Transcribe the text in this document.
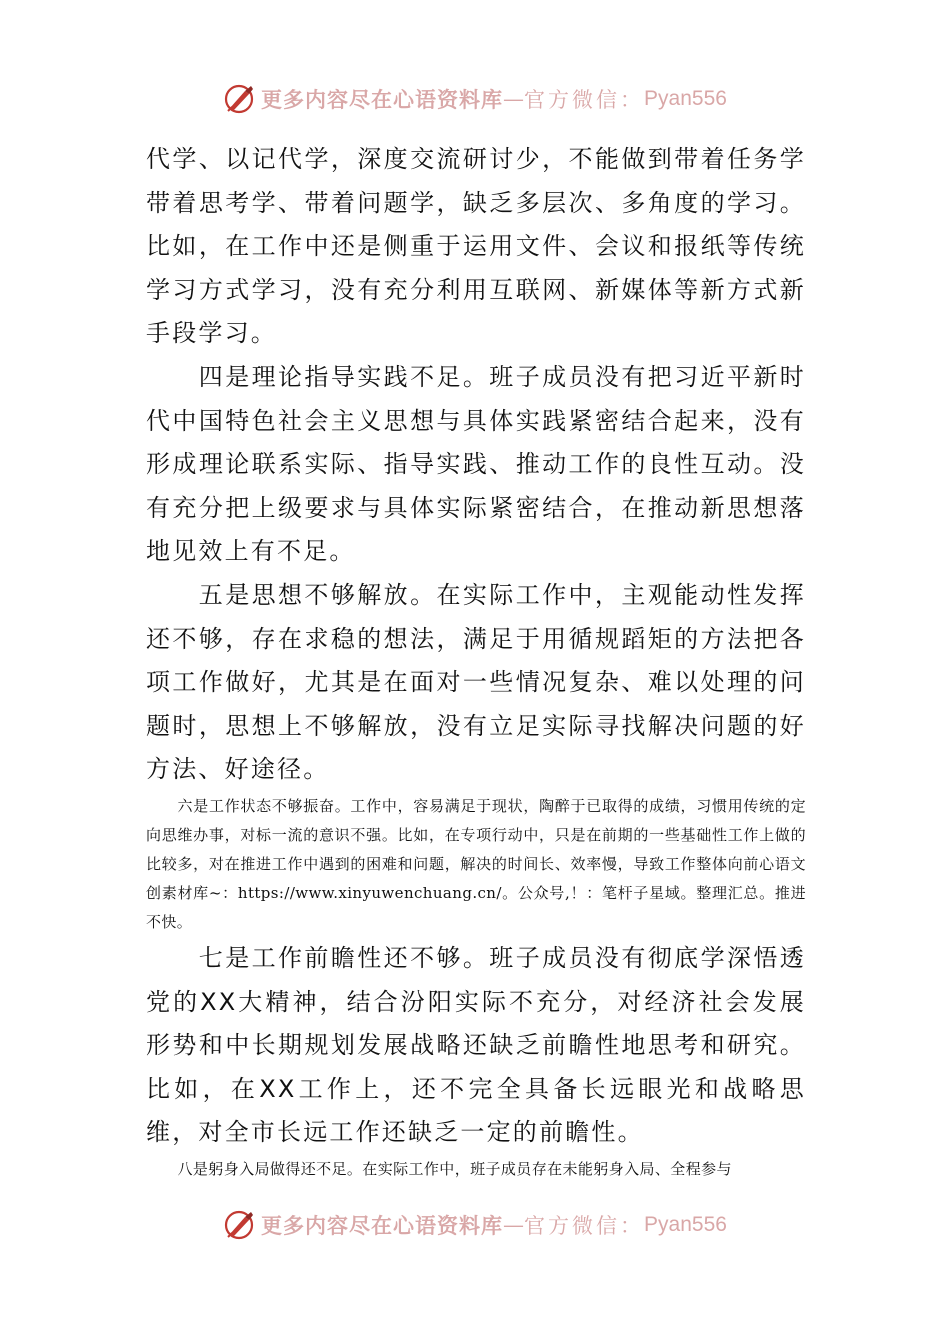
更多内容尽在心语资料库 — 官方微信： Pyan556

代学、以记代学，深度交流研讨少，不能做到带着任务学带着思考学、带着问题学，缺乏多层次、多角度的学习。比如，在工作中还是侧重于运用文件、会议和报纸等传统学习方式学习，没有充分利用互联网、新媒体等新方式新手段学习。

四是理论指导实践不足。班子成员没有把习近平新时代中国特色社会主义思想与具体实践紧密结合起来，没有形成理论联系实际、指导实践、推动工作的良性互动。没有充分把上级要求与具体实际紧密结合，在推动新思想落地见效上有不足。

五是思想不够解放。在实际工作中，主观能动性发挥还不够，存在求稳的想法，满足于用循规蹈矩的方法把各项工作做好，尤其是在面对一些情况复杂、难以处理的问题时，思想上不够解放，没有立足实际寻找解决问题的好方法、好途径。

六是工作状态不够振奋。工作中，容易满足于现状，陶醉于已取得的成绩，习惯用传统的定向思维办事，对标一流的意识不强。比如，在专项行动中，只是在前期的一些基础性工作上做的比较多，对在推进工作中遇到的困难和问题，解决的时间长、效率慢，导致工作整体向前心语文创素材库~：https://www.xinyuwenchuang.cn/。公众号,！：笔杆子星域。整理汇总。推进不快。

七是工作前瞻性还不够。班子成员没有彻底学深悟透党的XX大精神，结合汾阳实际不充分，对经济社会发展形势和中长期规划发展战略还缺乏前瞻性地思考和研究。比如，在XX工作上，还不完全具备长远眼光和战略思维，对全市长远工作还缺乏一定的前瞻性。

八是躬身入局做得还不足。在实际工作中，班子成员存在未能躬身入局、全程参与

更多内容尽在心语资料库 — 官方微信： Pyan556
